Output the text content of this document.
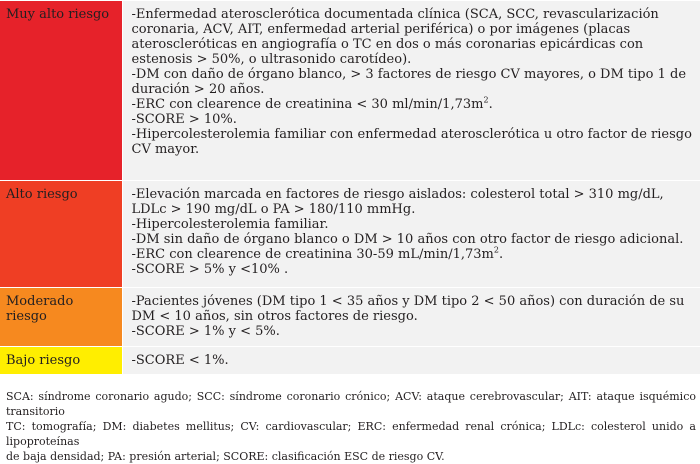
Muy alto riesgo	-Enfermedad aterosclerótica documentada clínica (SCA, SCC, revascularización coronaria, ACV, AIT, enfermedad arterial periférica) o por imágenes (placas ateroscleróticas en angiografía o TC en dos o más coronarias epicárdicas con estenosis > 50%, o ultrasonido carotídeo).
-DM con daño de órgano blanco, > 3 factores de riesgo CV mayores, o DM tipo 1 de duración > 20 años.
-ERC con clearence de creatinina < 30 $ml/\min/1,73m^2$.
-SCORE > 10%.
-Hipercolesterolemia familiar con enfermedad aterosclerótica u otro factor de riesgo CV mayor.

Alto riesgo	-Elevación marcada en factores de riesgo aislados: colesterol total > 310 mg/dL, LDLc > 190 mg/dL o PA > 180/110 mmHg.
-Hipercolesterolemia familiar.
-DM sin daño de órgano blanco o DM > 10 años con otro factor de riesgo adicional.
-ERC con clearence de creatinina 30-59 $mL/\min/1,73m^2$.
-SCORE > 5% y <10% .

Moderado riesgo	-Pacientes jóvenes (DM tipo 1 < 35 años y DM tipo 2 < 50 años) con duración de su DM < 10 años, sin otros factores de riesgo.
-SCORE > 1% y < 5%.

Bajo riesgo	-SCORE < 1%.
SCA: síndrome coronario agudo; SCC: síndrome coronario crónico; ACV: ataque cerebrovascular; AIT: ataque isquémico transitorio
TC: tomografía; DM: diabetes mellitus; CV: cardiovascular; ERC: enfermedad renal crónica; LDLc: colesterol unido a lipoproteínas
de baja densidad; PA: presión arterial; SCORE: clasificación ESC de riesgo CV.
